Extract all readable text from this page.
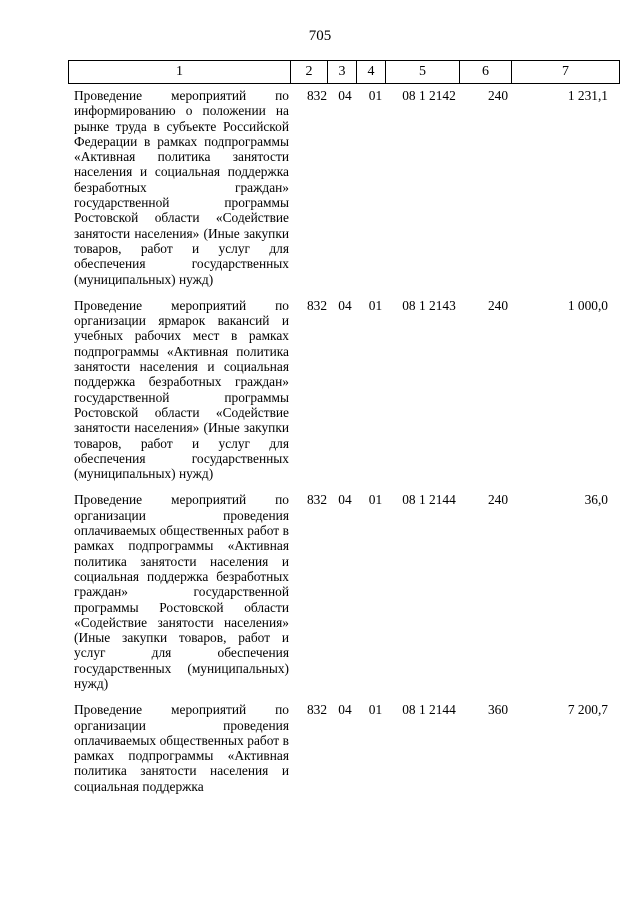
705
1	2	3	4	5	6	7
Проведение мероприятий по информированию о положении на рынке труда в субъекте Российской Федерации в рамках подпрограммы «Активная политика занятости населения и социальная поддержка безработных граждан» государственной программы Ростовской области «Содействие занятости населения» (Иные закупки товаров, работ и услуг для обеспечения государственных (муниципальных) нужд)
832 04	01	08 1 2142	240	1 231,1
Проведение мероприятий по организации ярмарок вакансий и учебных рабочих мест в рамках подпрограммы «Активная политика занятости населения и социальная поддержка безработных граждан» государственной программы Ростовской области «Содействие занятости населения» (Иные закупки товаров, работ и услуг для обеспечения государственных (муниципальных) нужд)
832 04	01	08 1 2143	240	1 000,0
Проведение мероприятий по организации проведения оплачиваемых общественных работ в рамках подпрограммы «Активная политика занятости населения и социальная поддержка безработных граждан» государственной программы Ростовской области «Содействие занятости населения» (Иные закупки товаров, работ и услуг для обеспечения государственных (муниципальных) нужд)
832 04	01	08 1 2144	240	36,0
Проведение мероприятий по организации проведения оплачиваемых общественных работ в рамках подпрограммы «Активная политика занятости населения и социальная поддержка
832 04	01	08 1 2144	360	7 200,7
